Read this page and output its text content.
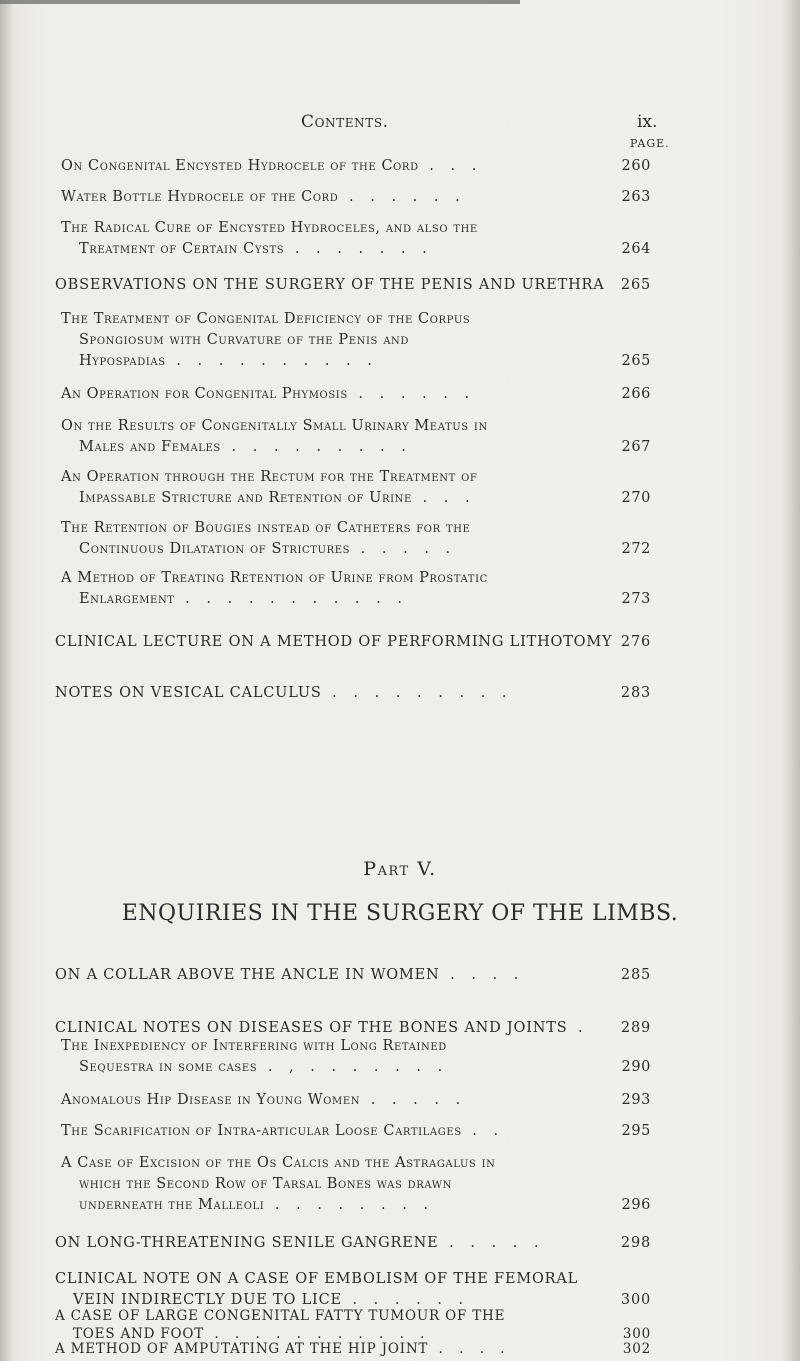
Contents.	ix.
PAGE.
On Congenital Encysted Hydrocele of the Cord . . .	260
Water Bottle Hydrocele of the Cord . . . . . .	263
The Radical Cure of Encysted Hydroceles, and also the
Treatment of Certain Cysts . . . . . . .	264
OBSERVATIONS ON THE SURGERY OF THE PENIS AND URETHRA	265
The Treatment of Congenital Deficiency of the Corpus
Spongiosum with Curvature of the Penis and
Hypospadias . . . . . . . . . .	265
An Operation for Congenital Phymosis . . . . . .	266
On the Results of Congenitally Small Urinary Meatus in
Males and Females . . . . . . . . .	267
An Operation through the Rectum for the Treatment of
Impassable Stricture and Retention of Urine . . .	270
The Retention of Bougies instead of Catheters for the
Continuous Dilatation of Strictures . . . . .	272
A Method of Treating Retention of Urine from Prostatic
Enlargement . . . . . . . . . . .	273
CLINICAL LECTURE ON A METHOD OF PERFORMING LITHOTOMY 276
NOTES ON VESICAL CALCULUS . . . . . . . . .	283
Part V.
ENQUIRIES IN THE SURGERY OF THE LIMBS.
ON A COLLAR ABOVE THE ANCLE IN WOMEN . . . .	285
CLINICAL NOTES ON DISEASES OF THE BONES AND JOINTS .	289
The Inexpediency of Interfering with Long Retained
Sequestra in some cases . , . . . . . . .	290
Anomalous Hip Disease in Young Women . . . . .	293
The Scarification of Intra-articular Loose Cartilages . .	295
A Case of Excision of the Os Calcis and the Astragalus in
which the Second Row of Tarsal Bones was drawn
underneath the Malleoli . . . . . . . .	296
ON LONG-THREATENING SENILE GANGRENE . . . . .	298
CLINICAL NOTE ON A CASE OF EMBOLISM OF THE FEMORAL
VEIN INDIRECTLY DUE TO LICE . . . . . .	300
A CASE OF LARGE CONGENITAL FATTY TUMOUR OF THE
TOES AND FOOT . . . . . . . . . . .	300
A METHOD OF AMPUTATING AT THE HIP JOINT . . . .	302
